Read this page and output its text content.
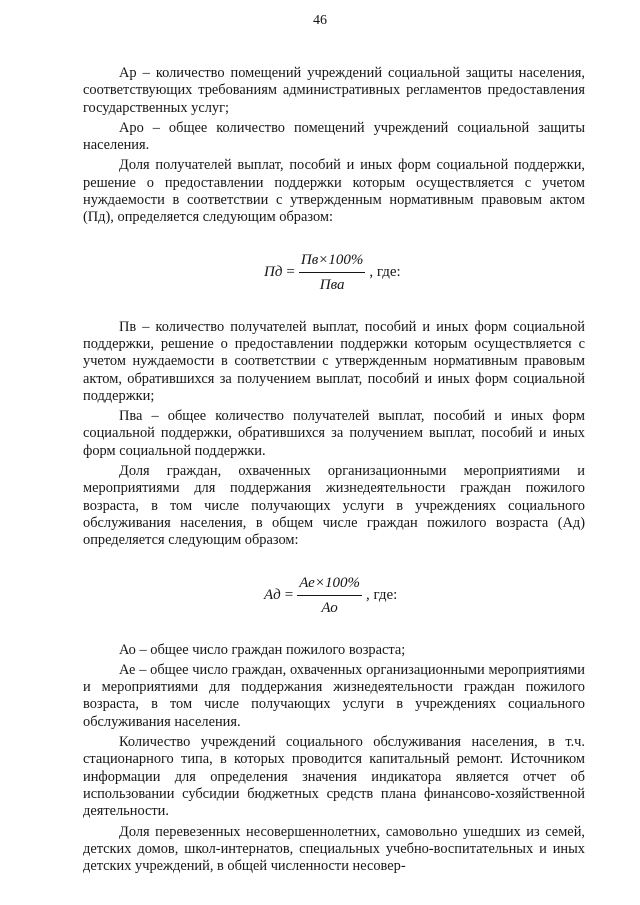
46

Ар – количество помещений учреждений социальной защиты населения, соответствующих требованиям административных регламентов предоставления государственных услуг;

Аро – общее количество помещений учреждений социальной защиты населения.

Доля получателей выплат, пособий и иных форм социальной поддержки, решение о предоставлении поддержки которым осуществляется с учетом нуждаемости в соответствии с утвержденным нормативным правовым актом (Пд), определяется следующим образом:

Пд = $\frac{Пв\times 100\%}{\text{Пва}}$ , где:

Пв – количество получателей выплат, пособий и иных форм социальной поддержки, решение о предоставлении поддержки которым осуществляется с учетом нуждаемости в соответствии с утвержденным нормативным правовым актом, обратившихся за получением выплат, пособий и иных форм социальной поддержки;

Пва – общее количество получателей выплат, пособий и иных форм социальной поддержки, обратившихся за получением выплат, пособий и иных форм социальной поддержки.

Доля граждан, охваченных организационными мероприятиями и мероприятиями для поддержания жизнедеятельности граждан пожилого возраста, в том числе получающих услуги в учреждениях социального обслуживания населения, в общем числе граждан пожилого возраста (Ад) определяется следующим образом:

Ад = $\frac{Ае\times 100\%}{Ао}$ , где:

Ао – общее число граждан пожилого возраста;

Ае – общее число граждан, охваченных организационными мероприятиями и мероприятиями для поддержания жизнедеятельности граждан пожилого возраста, в том числе получающих услуги в учреждениях социального обслуживания населения.

Количество учреждений социального обслуживания населения, в т.ч. стационарного типа, в которых проводится капитальный ремонт. Источником информации для определения значения индикатора является отчет об использовании субсидии бюджетных средств плана финансово-хозяйственной деятельности.

Доля перевезенных несовершеннолетних, самовольно ушедших из семей, детских домов, школ-интернатов, специальных учебно-воспитательных и иных детских учреждений, в общей численности несовер-
